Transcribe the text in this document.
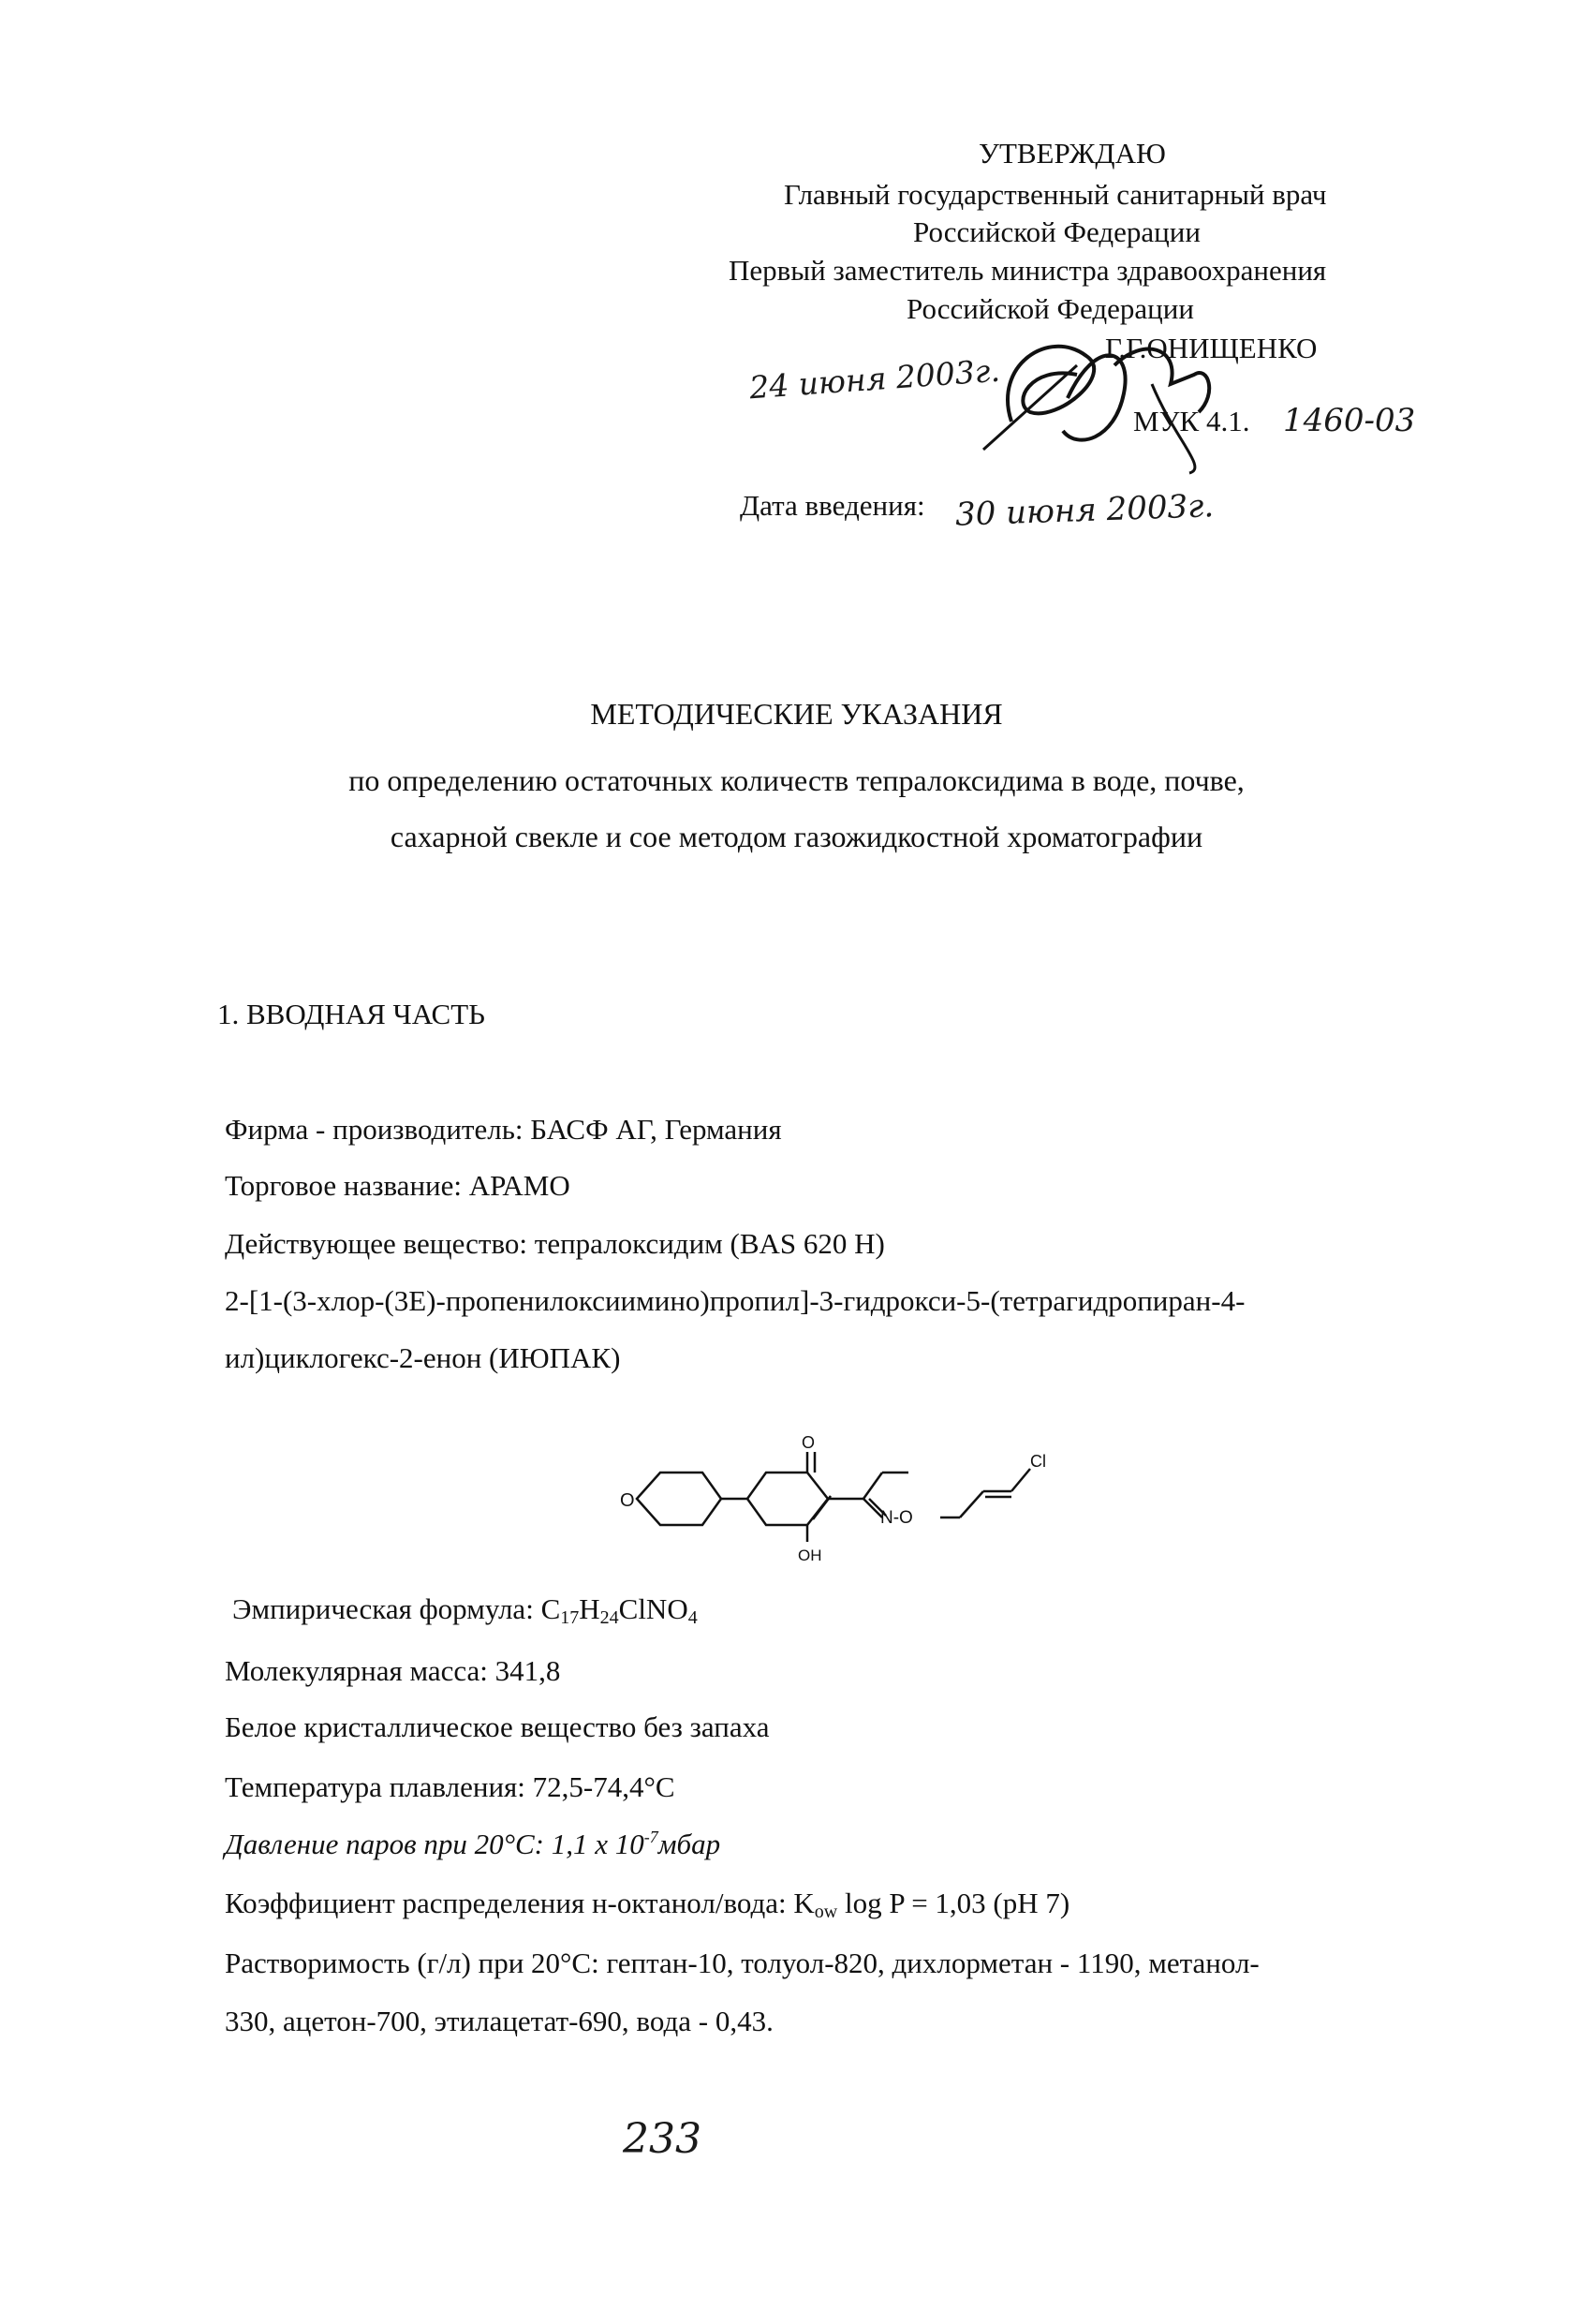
УТВЕРЖДАЮ
Главный государственный санитарный врач
Российской Федерации
Первый заместитель министра здравоохранения
Российской Федерации
Г.Г.ОНИЩЕНКО
24 июня 2003г.
МУК 4.1. 1460-03
Дата введения: 30 июня 2003г.
МЕТОДИЧЕСКИЕ УКАЗАНИЯ
по определению остаточных количеств тепралоксидима в воде, почве,
сахарной свекле и сое методом газожидкостной хроматографии
1. ВВОДНАЯ ЧАСТЬ
Фирма - производитель: БАСФ АГ, Германия
Торговое название: АРАМО
Действующее вещество: тепралоксидим (BAS 620 H)
2-[1-(3-хлор-(3Е)-пропенилоксиимино)пропил]-3-гидрокси-5-(тетрагидропиран-4-
ил)циклогекс-2-енон (ИЮПАК)
O
O
OH
N-O
Cl
Эмпирическая формула: $C_{17}H_{24}ClNO_4$
Молекулярная масса: 341,8
Белое кристаллическое вещество без запаха
Температура плавления: 72,5-74,4°С
Давление паров при 20°С: 1,1 х $10^{-7}мбар$
Коэффициент распределения н-октанол/вода: $K_{ow}$ log P = 1,03 (pH 7)
Растворимость (г/л) при 20°С: гептан-10, толуол-820, дихлорметан - 1190, метанол-
330, ацетон-700, этилацетат-690, вода - 0,43.
233
